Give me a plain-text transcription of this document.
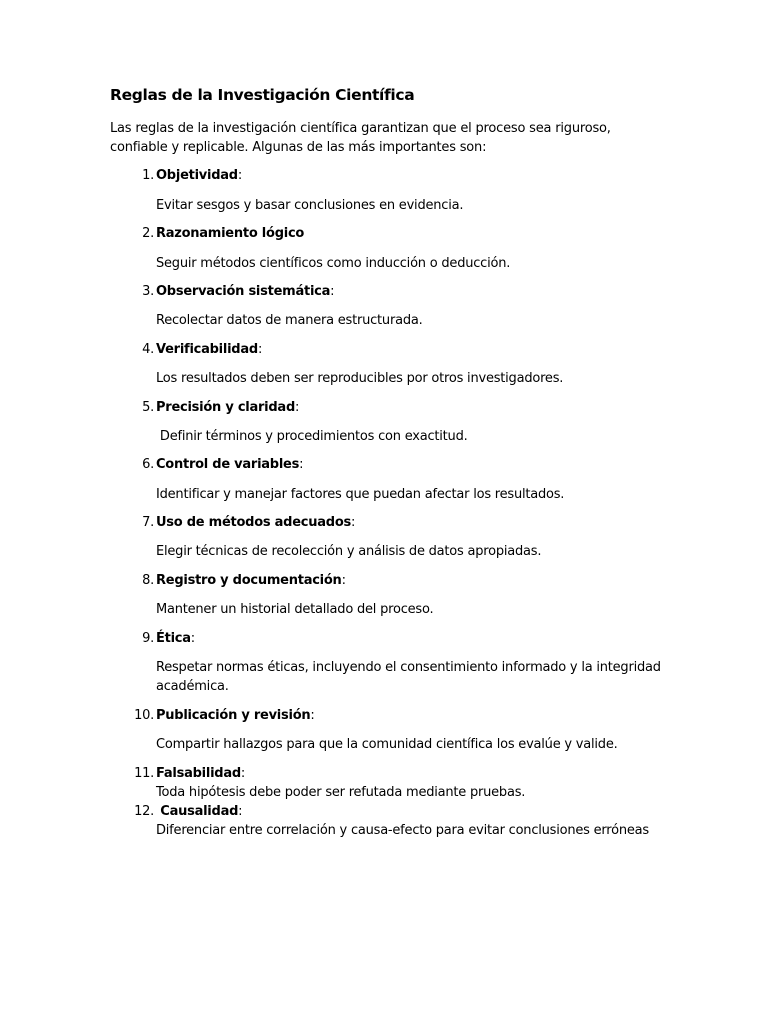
Reglas de la Investigación Científica
Las reglas de la investigación científica garantizan que el proceso sea riguroso, confiable y replicable. Algunas de las más importantes son:
1. Objetividad:
Evitar sesgos y basar conclusiones en evidencia.
2. Razonamiento lógico
Seguir métodos científicos como inducción o deducción.
3. Observación sistemática:
Recolectar datos de manera estructurada.
4. Verificabilidad:
Los resultados deben ser reproducibles por otros investigadores.
5. Precisión y claridad:
Definir términos y procedimientos con exactitud.
6. Control de variables:
Identificar y manejar factores que puedan afectar los resultados.
7. Uso de métodos adecuados:
Elegir técnicas de recolección y análisis de datos apropiadas.
8. Registro y documentación:
Mantener un historial detallado del proceso.
9. Ética:
Respetar normas éticas, incluyendo el consentimiento informado y la integridad académica.
10. Publicación y revisión:
Compartir hallazgos para que la comunidad científica los evalúe y valide.
11. Falsabilidad:
Toda hipótesis debe poder ser refutada mediante pruebas.
12. Causalidad:
Diferenciar entre correlación y causa-efecto para evitar conclusiones erróneas
